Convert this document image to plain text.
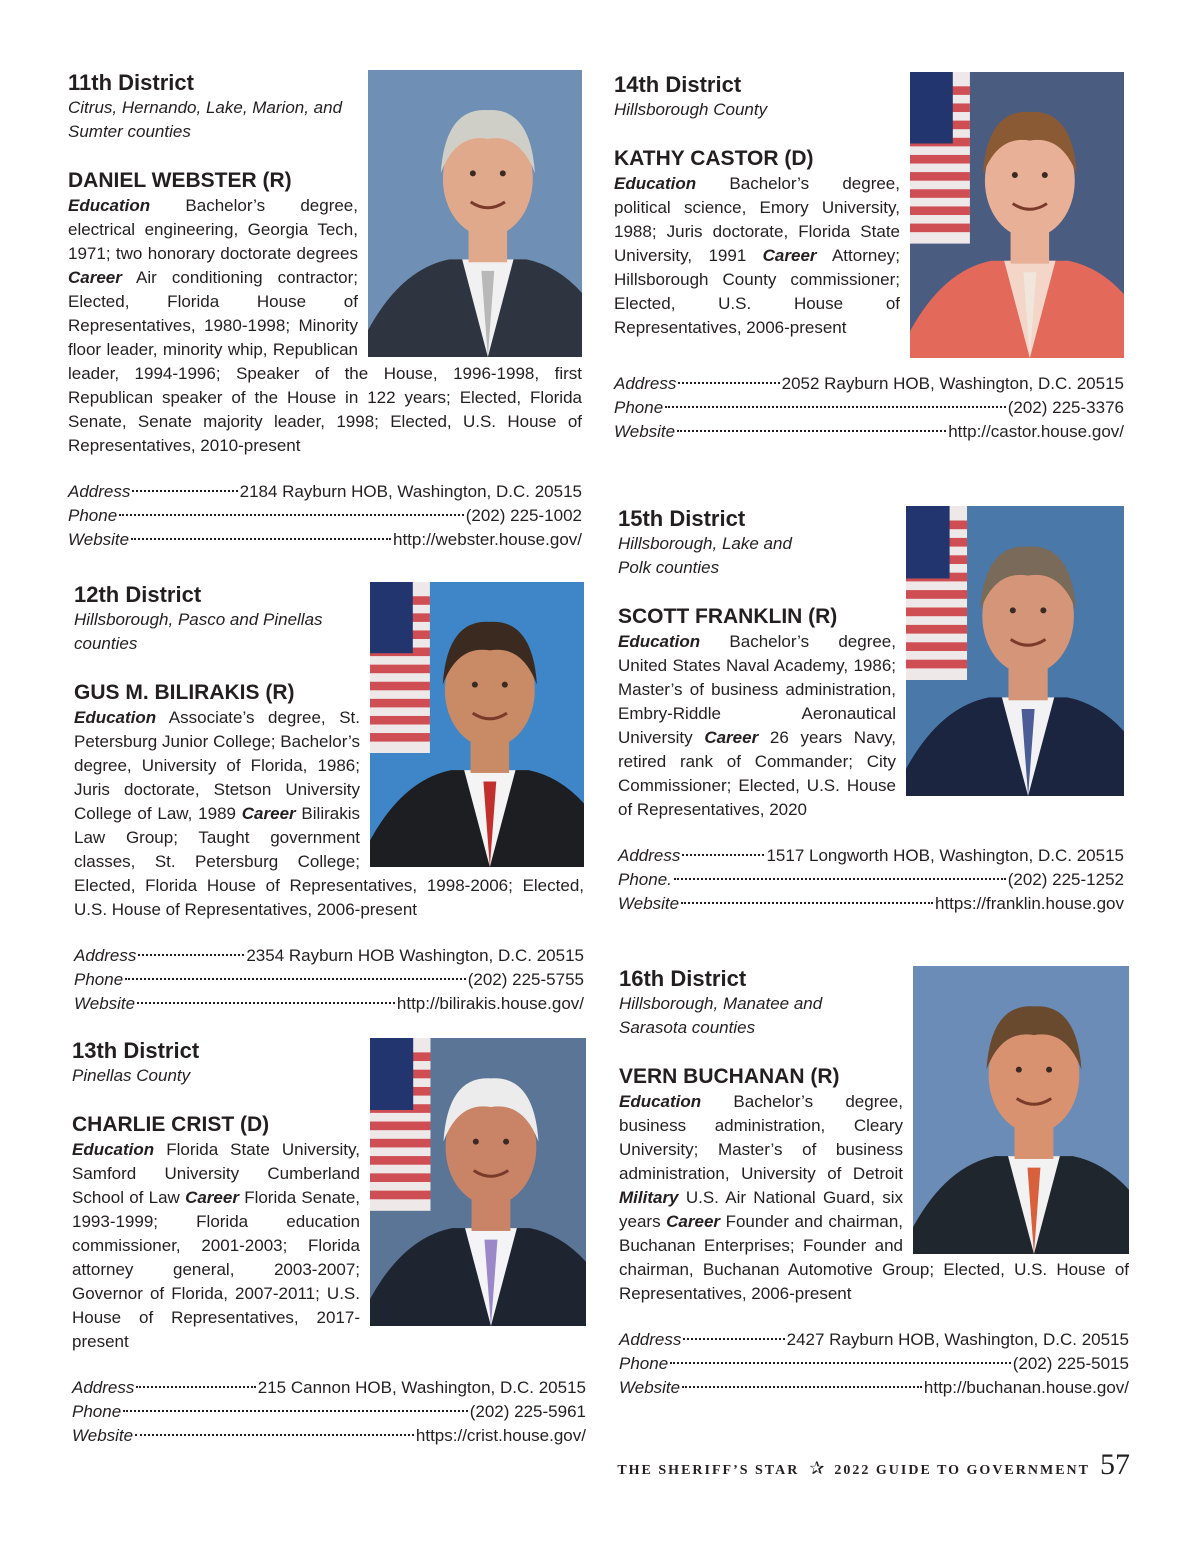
11th District

Citrus, Hernando, Lake, Marion, and Sumter counties

DANIEL WEBSTER (R)

Education Bachelor’s degree, electrical engineering, Georgia Tech, 1971; two honorary doctorate degrees Career Air conditioning contractor; Elected, Florida House of Representatives, 1980-1998; Minority floor leader, minority whip, Republican leader, 1994-1996; Speaker of the House, 1996-1998, first Republican speaker of the House in 122 years; Elected, Florida Senate, Senate majority leader, 1998; Elected, U.S. House of Representatives, 2010-present

Address	2184 Rayburn HOB, Washington, D.C. 20515
Phone	(202) 225-1002
Website	http://webster.house.gov/

12th District

Hillsborough, Pasco and Pinellas counties

GUS M. BILIRAKIS (R)

Education Associate’s degree, St. Petersburg Junior College; Bachelor’s degree, University of Florida, 1986; Juris doctorate, Stetson University College of Law, 1989 Career Bilirakis Law Group; Taught government classes, St. Petersburg College; Elected, Florida House of Representatives, 1998-2006; Elected, U.S. House of Representatives, 2006-present

Address	2354 Rayburn HOB Washington, D.C. 20515
Phone	(202) 225-5755
Website	http://bilirakis.house.gov/

13th District

Pinellas County

CHARLIE CRIST (D)

Education Florida State University, Samford University Cumberland School of Law Career Florida Senate, 1993-1999; Florida education commissioner, 2001-2003; Florida attorney general, 2003-2007; Governor of Florida, 2007-2011; U.S. House of Representatives, 2017-present

Address	215 Cannon HOB, Washington, D.C. 20515
Phone	(202) 225-5961
Website	https://crist.house.gov/

14th District

Hillsborough County

KATHY CASTOR (D)

Education Bachelor’s degree, political science, Emory University, 1988; Juris doctorate, Florida State University, 1991 Career Attorney; Hillsborough County commissioner; Elected, U.S. House of Representatives, 2006-present

Address	2052 Rayburn HOB, Washington, D.C. 20515
Phone	(202) 225-3376
Website	http://castor.house.gov/

15th District

Hillsborough, Lake and Polk counties

SCOTT FRANKLIN (R)

Education Bachelor’s degree, United States Naval Academy, 1986; Master’s of business administration, Embry-Riddle Aeronautical University Career 26 years Navy, retired rank of Commander; City Commissioner; Elected, U.S. House of Representatives, 2020

Address	1517 Longworth HOB, Washington, D.C. 20515
Phone.	(202) 225-1252
Website	https://franklin.house.gov

16th District

Hillsborough, Manatee and Sarasota counties

VERN BUCHANAN (R)

Education Bachelor’s degree, business administration, Cleary University; Master’s of business administration, University of Detroit Military U.S. Air National Guard, six years Career Founder and chairman, Buchanan Enterprises; Founder and chairman, Buchanan Automotive Group; Elected, U.S. House of Representatives, 2006-present

Address	2427 Rayburn HOB, Washington, D.C. 20515
Phone	(202) 225-5015
Website	http://buchanan.house.gov/
THE SHERIFF’S STAR ✰ 2022 GUIDE TO GOVERNMENT 57
